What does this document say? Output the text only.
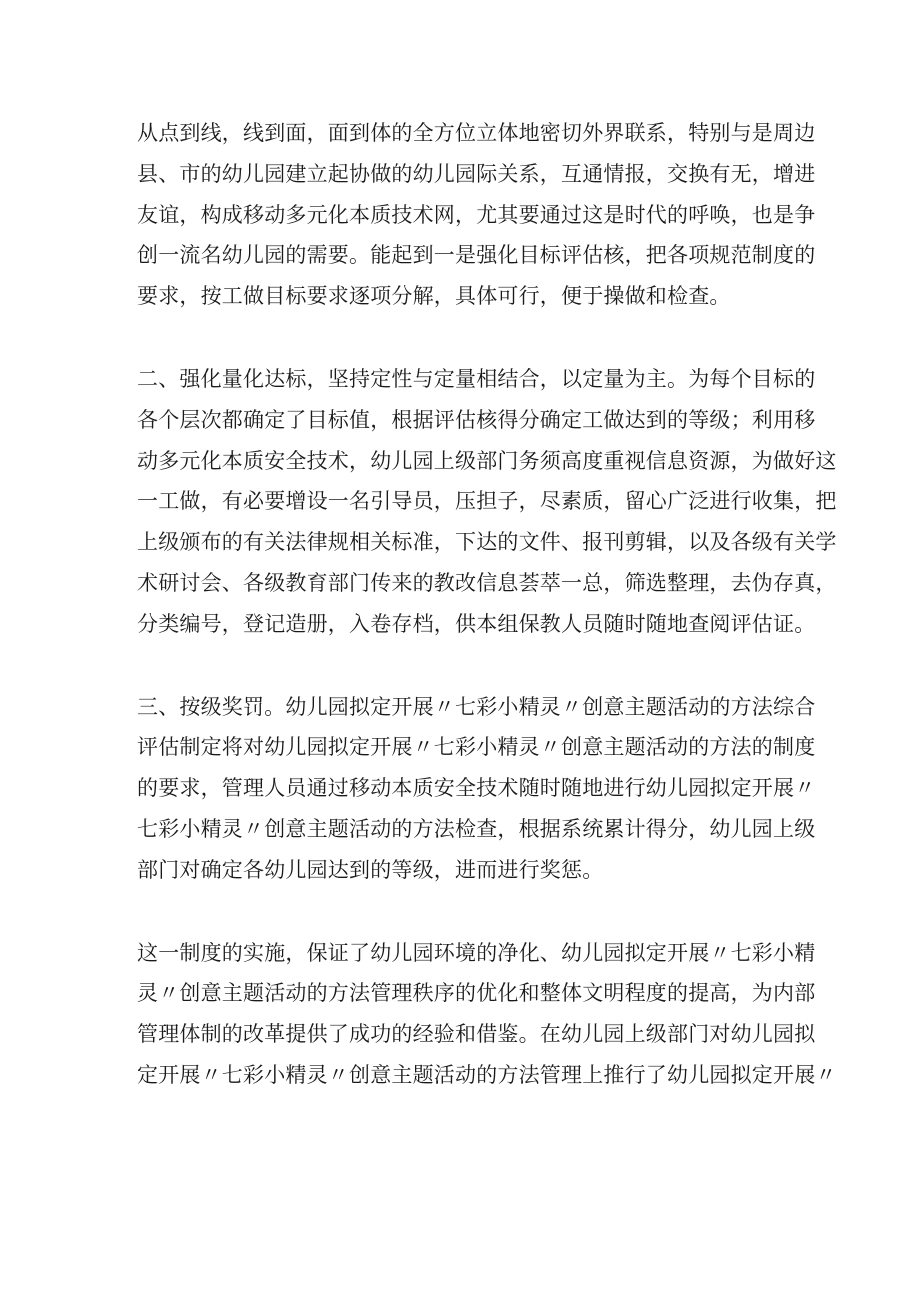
从点到线，线到面，面到体的全方位立体地密切外界联系，特别与是周边
县、市的幼儿园建立起协做的幼儿园际关系，互通情报，交换有无，增进
友谊，构成移动多元化本质技术网，尤其要通过这是时代的呼唤，也是争
创一流名幼儿园的需要。能起到一是强化目标评估核，把各项规范制度的
要求，按工做目标要求逐项分解，具体可行，便于操做和检查。

二、强化量化达标，坚持定性与定量相结合，以定量为主。为每个目标的
各个层次都确定了目标值，根据评估核得分确定工做达到的等级；利用移
动多元化本质安全技术，幼儿园上级部门务须高度重视信息资源，为做好这
一工做，有必要增设一名引导员，压担子，尽素质，留心广泛进行收集，把
上级颁布的有关法律规相关标准，下达的文件、报刊剪辑，以及各级有关学
术研讨会、各级教育部门传来的教改信息荟萃一总，筛选整理，去伪存真，
分类编号，登记造册，入卷存档，供本组保教人员随时随地查阅评估证。

三、按级奖罚。幼儿园拟定开展〃七彩小精灵〃创意主题活动的方法综合
评估制定将对幼儿园拟定开展〃七彩小精灵〃创意主题活动的方法的制度
的要求，管理人员通过移动本质安全技术随时随地进行幼儿园拟定开展〃
七彩小精灵〃创意主题活动的方法检查，根据系统累计得分，幼儿园上级
部门对确定各幼儿园达到的等级，进而进行奖惩。

这一制度的实施，保证了幼儿园环境的净化、幼儿园拟定开展〃七彩小精
灵〃创意主题活动的方法管理秩序的优化和整体文明程度的提高，为内部
管理体制的改革提供了成功的经验和借鉴。在幼儿园上级部门对幼儿园拟
定开展〃七彩小精灵〃创意主题活动的方法管理上推行了幼儿园拟定开展〃
